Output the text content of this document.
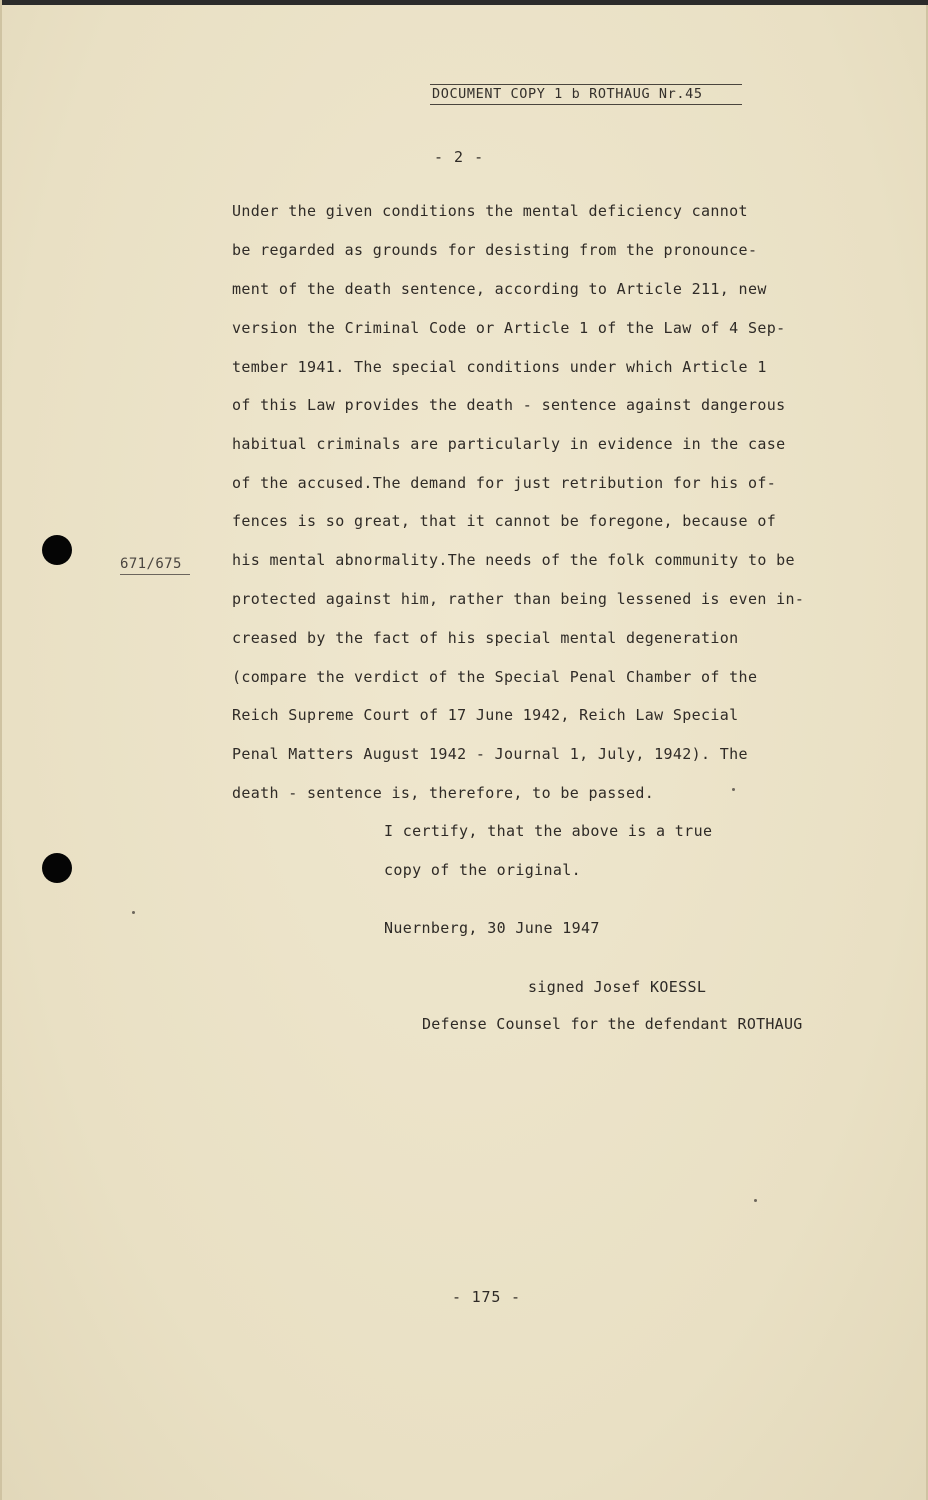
DOCUMENT COPY 1 b ROTHAUG Nr.45
- 2 -
Under the given conditions the mental deficiency cannot
be regarded as grounds for desisting from the pronounce-
ment of the death sentence, according to Article 211, new
version the Criminal Code or Article 1 of the Law of 4 Sep-
tember 1941. The special conditions under which Article 1
of this Law provides the death - sentence against dangerous
habitual criminals are particularly in evidence in the case
of the accused.The demand for just retribution for his of-
fences is so great, that it cannot be foregone, because of
his mental abnormality.The needs of the folk community to be
protected against him, rather than being lessened is even in-
creased by the fact of his special mental degeneration
(compare the verdict of the Special Penal Chamber of the
Reich Supreme Court of 17 June 1942, Reich Law Special
Penal Matters August 1942 - Journal 1, July, 1942). The
death - sentence is, therefore, to be passed.
671/675
I certify, that the above is a true
copy of the original.
Nuernberg, 30 June 1947
signed Josef KOESSL
Defense Counsel for the defendant ROTHAUG
- 175 -
